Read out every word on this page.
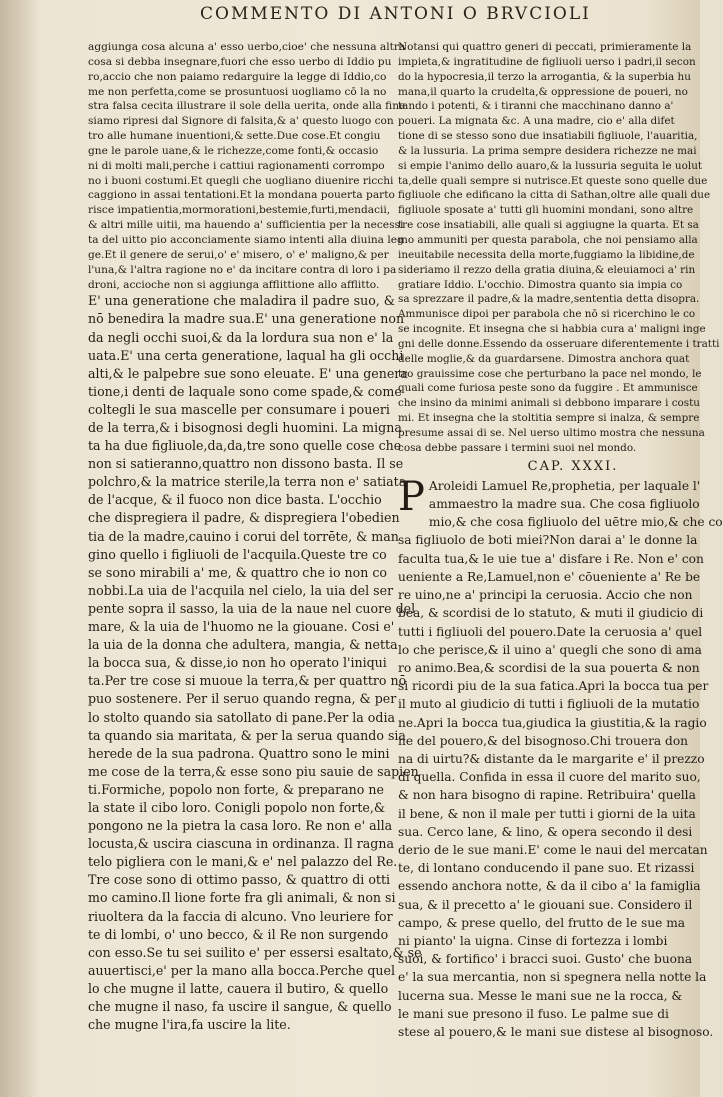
COMMENTO DI ANTONI O BRVCIOLI
aggiunga cosa alcuna a' esso uerbo,cioe' che nessuna altra
cosa si debba insegnare,fuori che esso uerbo di Iddio pu
ro,accio che non paiamo redarguire la legge di Iddio,co
me non perfetta,come se prosuntuosi uogliamo cō la no
stra falsa cecita illustrare il sole della uerita, onde alla fine
siamo ripresi dal Signore di falsita,& a' questo luogo con
tro alle humane inuentioni,& sette.Due cose.Et congiu
gne le parole uane,& le richezze,come fonti,& occasio
ni di molti mali,perche i cattiui ragionamenti corrompo
no i buoni costumi.Et quegli che uogliano diuenire ricchi
caggiono in assai tentationi.Et la mondana pouerta parto
risce impatientia,mormorationi,bestemie,furti,mendacii,
& altri mille uitii, ma hauendo a' sufficientia per la necessi
ta del uitto pio acconciamente siamo intenti alla diuina leg
ge.Et il genere de serui,o' e' misero, o' e' maligno,& per
l'una,& l'altra ragione no e' da incitare contra di loro i pa
droni, accioche non si aggiunga afflittione allo afflitto.
E' una generatione che maladira il padre suo, &
nō benedira la madre sua.E' una generatione non
da negli occhi suoi,& da la lordura sua non e' la
uata.E' una certa generatione, laqual ha gli occhi
alti,& le palpebre sue sono eleuate. E' una genera
tione,i denti de laquale sono come spade,& come
coltegli le sua mascelle per consumare i poueri
de la terra,& i bisognosi degli huomini. La migna
ta ha due figliuole,da,da,tre sono quelle cose che
non si satieranno,quattro non dissono basta. Il se
polchro,& la matrice sterile,la terra non e' satiata
de l'acque, & il fuoco non dice basta. L'occhio
che dispregiera il padre, & dispregiera l'obedien
tia de la madre,cauino i corui del torrēte, & man
gino quello i figliuoli de l'acquila.Queste tre co
se sono mirabili a' me, & quattro che io non co
nobbi.La uia de l'acquila nel cielo, la uia del ser
pente sopra il sasso, la uia de la naue nel cuore del
mare, & la uia de l'huomo ne la giouane. Cosi e'
la uia de la donna che adultera, mangia, & netta
la bocca sua, & disse,io non ho operato l'iniqui
ta.Per tre cose si muoue la terra,& per quattro nō
puo sostenere. Per il seruo quando regna, & per
lo stolto quando sia satollato di pane.Per la odia
ta quando sia maritata, & per la serua quando sia
herede de la sua padrona. Quattro sono le mini
me cose de la terra,& esse sono piu sauie de sapien
ti.Formiche, popolo non forte, & preparano ne
la state il cibo loro. Conigli popolo non forte,&
pongono ne la pietra la casa loro. Re non e' alla
locusta,& uscira ciascuna in ordinanza. Il ragna
telo pigliera con le mani,& e' nel palazzo del Re.
Tre cose sono di ottimo passo, & quattro di otti
mo camino.Il lione forte fra gli animali, & non si
riuoltera da la faccia di alcuno. Vno leuriere for
te di lombi, o' uno becco, & il Re non surgendo
con esso.Se tu sei suilito e' per essersi esaltato,& se
auuertisci,e' per la mano alla bocca.Perche quel
lo che mugne il latte, cauera il butiro, & quello
che mugne il naso, fa uscire il sangue, & quello
che mugne l'ira,fa uscire la lite.
Notansi qui quattro generi di peccati, primieramente la
impieta,& ingratitudine de figliuoli uerso i padri,il secon
do la hypocresia,il terzo la arrogantia, & la superbia hu
mana,il quarto la crudelta,& oppressione de poueri, no
tando i potenti, & i tiranni che macchinano danno a'
poueri. La mignata &c. A una madre, cio e' alla difet
tione di se stesso sono due insatiabili figliuole, l'auaritia,
& la lussuria. La prima sempre desidera richezze ne mai
si empie l'animo dello auaro,& la lussuria seguita le uolut
ta,delle quali sempre si nutrisce.Et queste sono quelle due
figliuole che edificano la citta di Sathan,oltre alle quali due
figliuole sposate a' tutti gli huomini mondani, sono altre
tre cose insatiabili, alle quali si aggiugne la quarta. Et sa
mo ammuniti per questa parabola, che noi pensiamo alla
ineuitabile necessita della morte,fuggiamo la libidine,de
sideriamo il rezzo della gratia diuina,& eleuiamoci a' rin
gratiare Iddio. L'occhio. Dimostra quanto sia impia co
sa sprezzare il padre,& la madre,sententia detta disopra.
Ammunisce dipoi per parabola che nō si ricerchino le co
se incognite. Et insegna che si habbia cura a' maligni inge
gni delle donne.Essendo da osseruare diferentemente i tratti
delle moglie,& da guardarsene. Dimostra anchora quat
tro grauissime cose che perturbano la pace nel mondo, le
quali come furiosa peste sono da fuggire . Et ammunisce
che insino da minimi animali si debbono imparare i costu
mi. Et insegna che la stoltitia sempre si inalza, & sempre
presume assai di se. Nel uerso ultimo mostra che nessuna
cosa debbe passare i termini suoi nel mondo.
CAP. XXXI.
P Aroleidi Lamuel Re,prophetia, per laquale l'
ammaestro la madre sua. Che cosa figliuolo
mio,& che cosa figliuolo del uētre mio,& che co
sa figliuolo de boti miei?Non darai a' le donne la
faculta tua,& le uie tue a' disfare i Re. Non e' con
ueniente a Re,Lamuel,non e' cōueniente a' Re be
re uino,ne a' principi la ceruosia. Accio che non
bea, & scordisi de lo statuto, & muti il giudicio di
tutti i figliuoli del pouero.Date la ceruosia a' quel
lo che perisce,& il uino a' quegli che sono di ama
ro animo.Bea,& scordisi de la sua pouerta & non
si ricordi piu de la sua fatica.Apri la bocca tua per
il muto al giudicio di tutti i figliuoli de la mutatio
ne.Apri la bocca tua,giudica la giustitia,& la ragio
ne del pouero,& del bisognoso.Chi trouera don
na di uirtu?& distante da le margarite e' il prezzo
di quella. Confida in essa il cuore del marito suo,
& non hara bisogno di rapine. Retribuira' quella
il bene, & non il male per tutti i giorni de la uita
sua. Cerco lane, & lino, & opera secondo il desi
derio de le sue mani.E' come le naui del mercatan
te, di lontano conducendo il pane suo. Et rizassi
essendo anchora notte, & da il cibo a' la famiglia
sua, & il precetto a' le giouani sue. Considero il
campo, & prese quello, del frutto de le sue ma
ni pianto' la uigna. Cinse di fortezza i lombi
suoi, & fortifico' i bracci suoi. Gusto' che buona
e' la sua mercantia, non si spegnera nella notte la
lucerna sua. Messe le mani sue ne la rocca, &
le mani sue presono il fuso. Le palme sue di
stese al pouero,& le mani sue distese al bisognoso.
